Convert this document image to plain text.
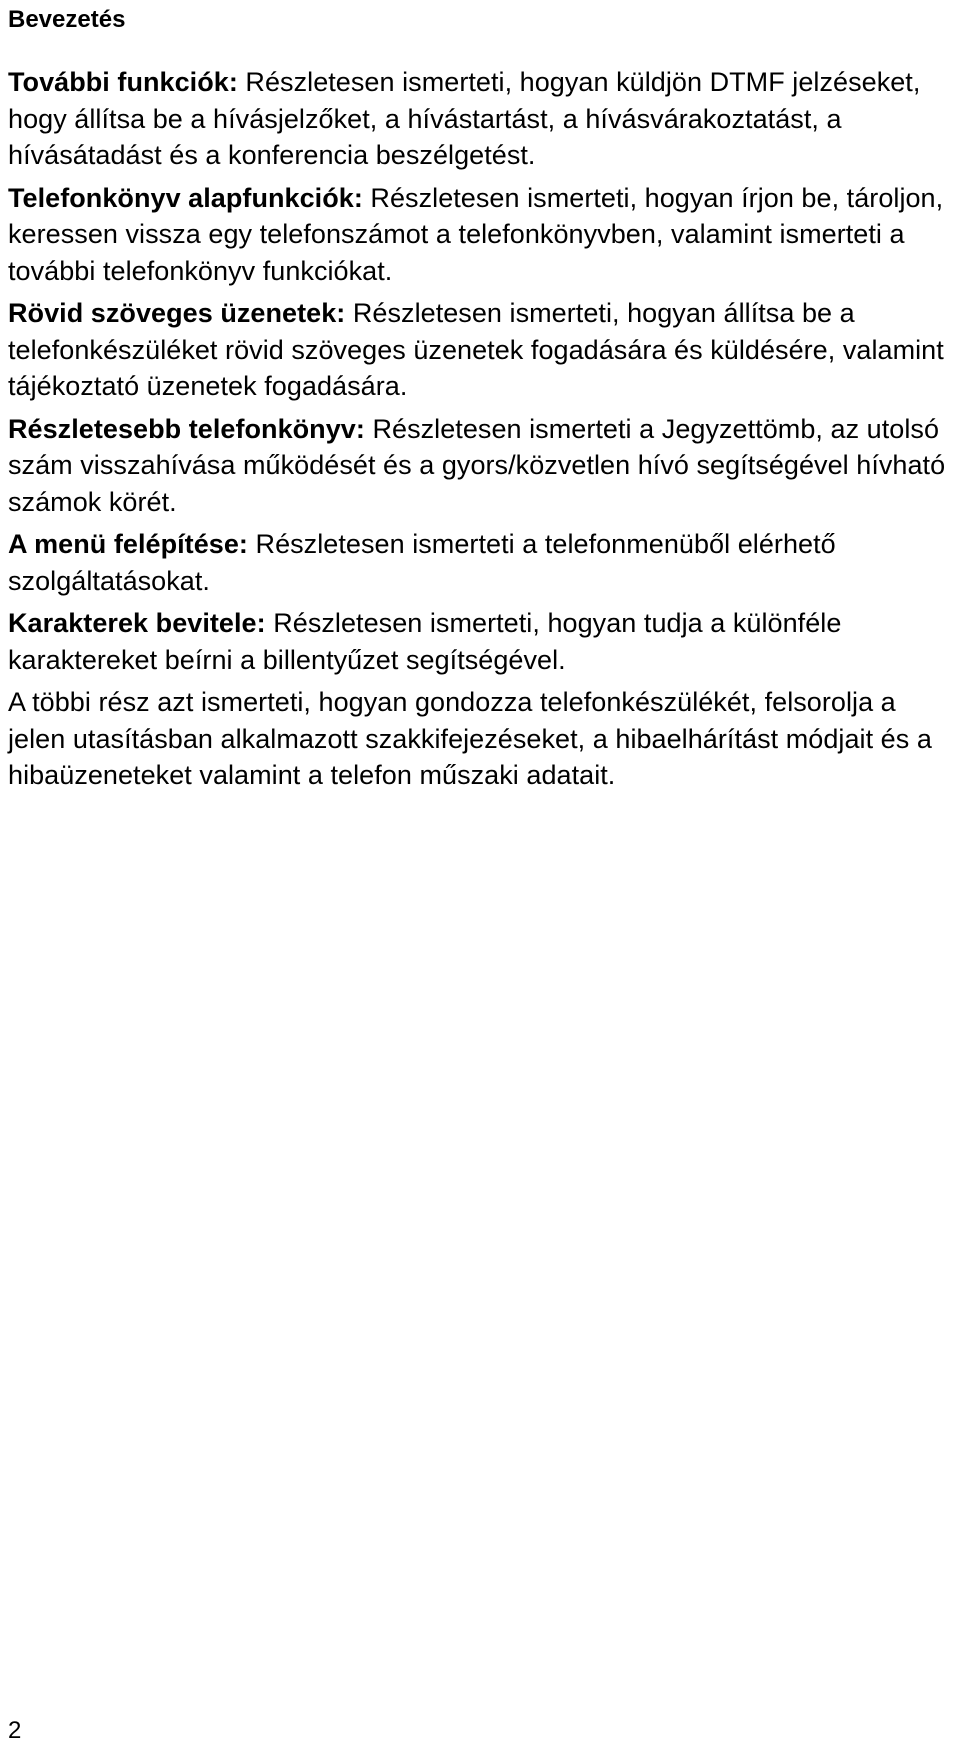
Bevezetés

További funkciók: Részletesen ismerteti, hogyan küldjön DTMF jelzéseket, hogy állítsa be a hívásjelzőket, a hívástartást, a hívásvárakoztatást, a hívásátadást és a konferencia beszélgetést.

Telefonkönyv alapfunkciók: Részletesen ismerteti, hogyan írjon be, tároljon, keressen vissza egy telefonszámot a telefonkönyvben, valamint ismerteti a további telefonkönyv funkciókat.

Rövid szöveges üzenetek: Részletesen ismerteti, hogyan állítsa be a telefonkészüléket rövid szöveges üzenetek fogadására és küldésére, valamint tájékoztató üzenetek fogadására.

Részletesebb telefonkönyv: Részletesen ismerteti a Jegyzettömb, az utolsó szám visszahívása működését és a gyors/közvetlen hívó segítségével hívható számok körét.

A menü felépítése: Részletesen ismerteti a telefonmenüből elérhető szolgáltatásokat.

Karakterek bevitele: Részletesen ismerteti, hogyan tudja a különféle karaktereket beírni a billentyűzet segítségével.

A többi rész azt ismerteti, hogyan gondozza telefonkészülékét, felsorolja a jelen utasításban alkalmazott szakkifejezéseket, a hibaelhárítást módjait és a hibaüzeneteket valamint a telefon műszaki adatait.

2
